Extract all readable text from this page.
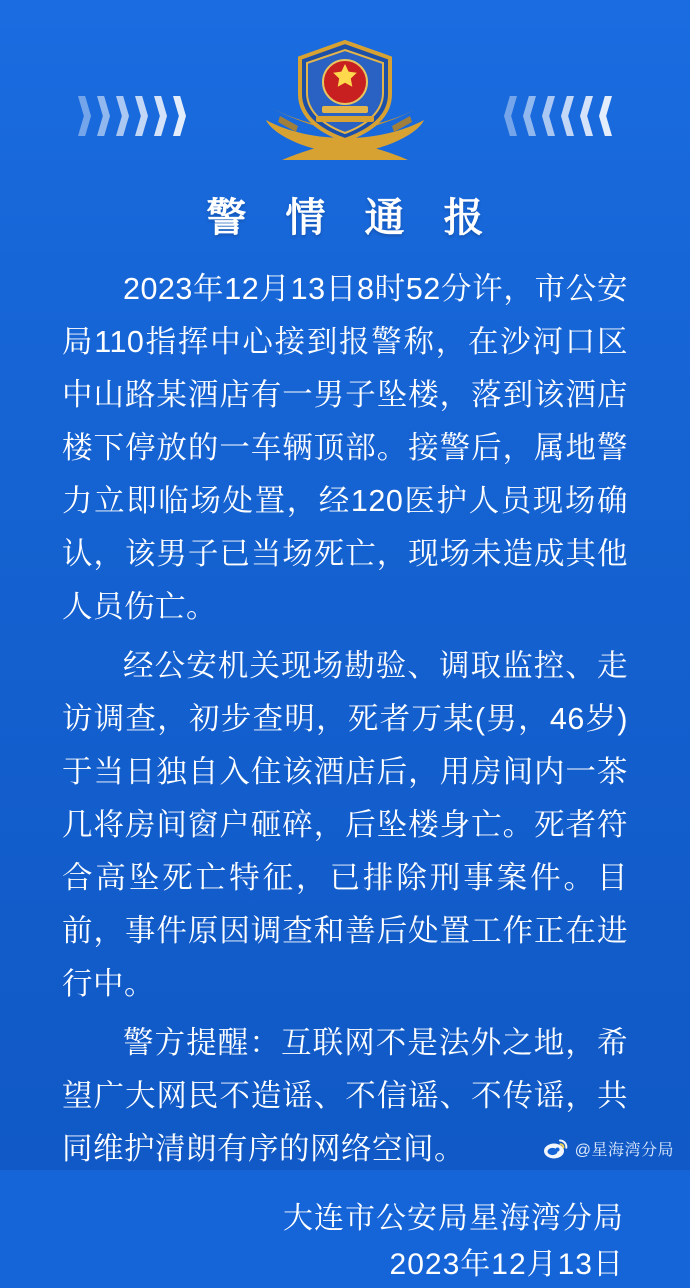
警 情 通 报

2023年12月13日8时52分许，市公安局110指挥中心接到报警称，在沙河口区中山路某酒店有一男子坠楼，落到该酒店楼下停放的一车辆顶部。接警后，属地警力立即临场处置，经120医护人员现场确认，该男子已当场死亡，现场未造成其他人员伤亡。

经公安机关现场勘验、调取监控、走访调查，初步查明，死者万某(男，46岁)于当日独自入住该酒店后，用房间内一茶几将房间窗户砸碎，后坠楼身亡。死者符合高坠死亡特征，已排除刑事案件。目前，事件原因调查和善后处置工作正在进行中。

警方提醒：互联网不是法外之地，希望广大网民不造谣、不信谣、不传谣，共同维护清朗有序的网络空间。

大连市公安局星海湾分局
2023年12月13日
@星海湾分局
